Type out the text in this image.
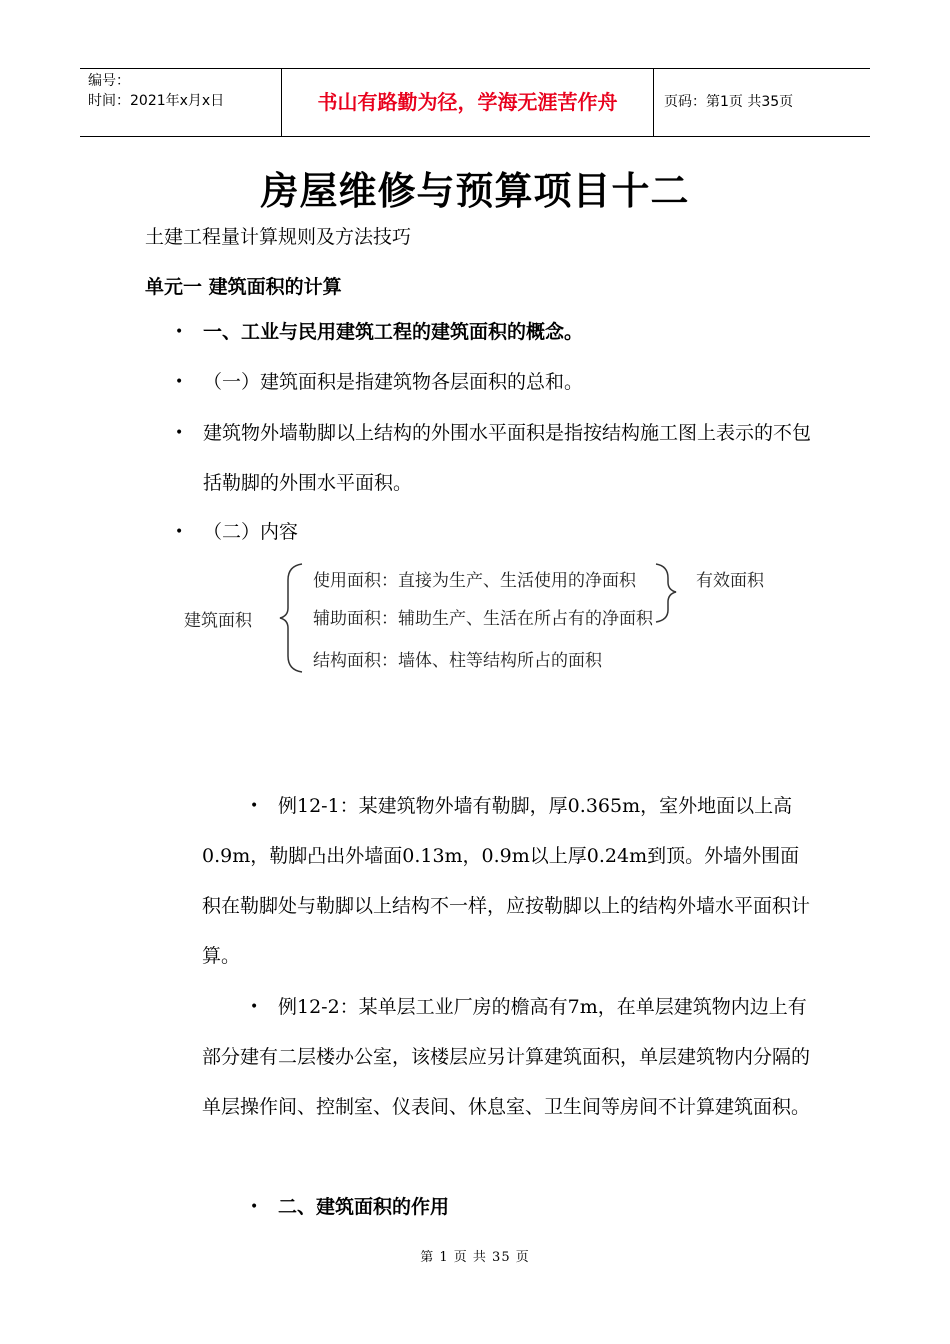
编号：
时间：2021年x月x日	书山有路勤为径，学海无涯苦作舟	页码：第1页 共35页
房屋维修与预算项目十二
土建工程量计算规则及方法技巧
单元一 建筑面积的计算
• 一、工业与民用建筑工程的建筑面积的概念。
• （一）建筑面积是指建筑物各层面积的总和。
• 建筑物外墙勒脚以上结构的外围水平面积是指按结构施工图上表示的不包括勒脚的外围水平面积。
• （二）内容
建筑面积
使用面积：直接为生产、生活使用的净面积
辅助面积：辅助生产、生活在所占有的净面积
结构面积：墙体、柱等结构所占的面积
有效面积
• 例12-1：某建筑物外墙有勒脚，厚0.365m，室外地面以上高0.9m，勒脚凸出外墙面0.13m，0.9m以上厚0.24m到顶。外墙外围面积在勒脚处与勒脚以上结构不一样，应按勒脚以上的结构外墙水平面积计算。
• 例12-2：某单层工业厂房的檐高有7m，在单层建筑物内边上有部分建有二层楼办公室，该楼层应另计算建筑面积，单层建筑物内分隔的单层操作间、控制室、仪表间、休息室、卫生间等房间不计算建筑面积。
• 二、建筑面积的作用
第 1 页 共 35 页
